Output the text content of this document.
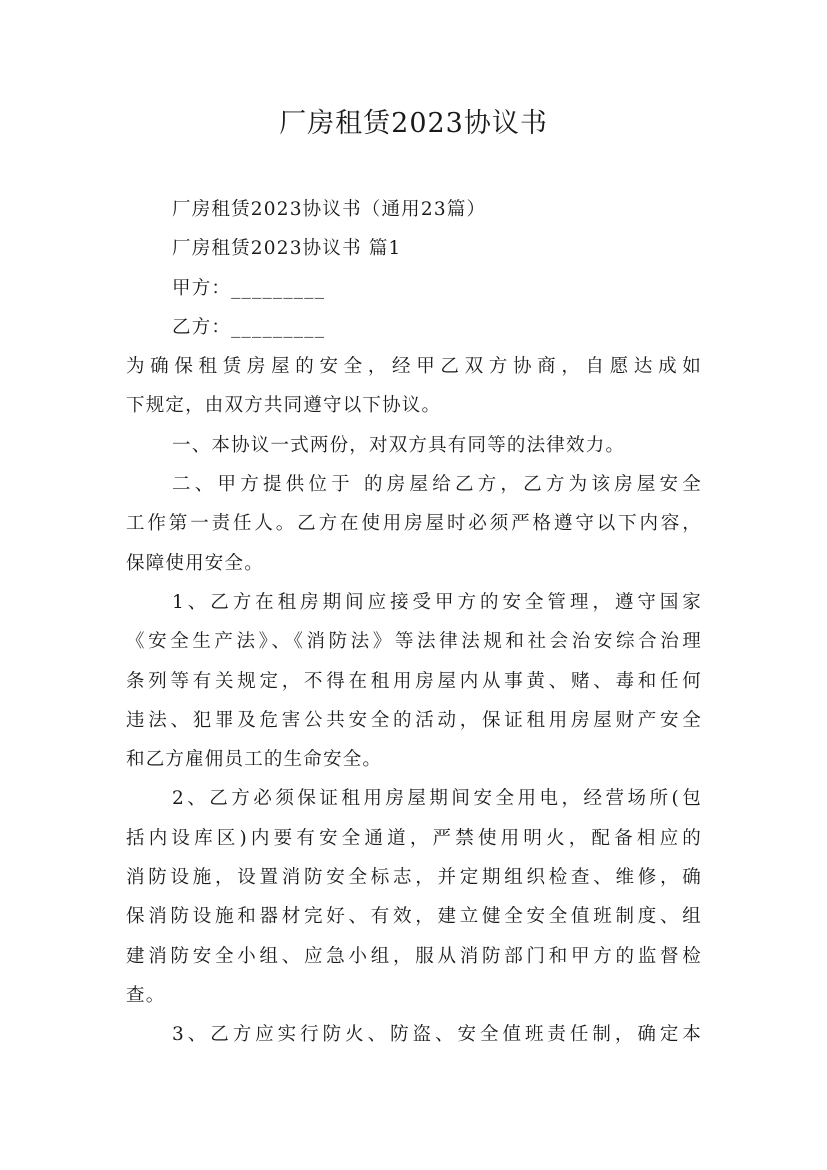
厂房租赁2023协议书
厂房租赁2023协议书（通用23篇）
厂房租赁2023协议书 篇1
甲方：_________
乙方：_________
为确保租赁房屋的安全，经甲乙双方协商，自愿达成如
下规定，由双方共同遵守以下协议。
一、本协议一式两份，对双方具有同等的法律效力。
二、甲方提供位于 的房屋给乙方，乙方为该房屋安全
工作第一责任人。乙方在使用房屋时必须严格遵守以下内容，
保障使用安全。
1、乙方在租房期间应接受甲方的安全管理，遵守国家
《安全生产法》、《消防法》等法律法规和社会治安综合治理
条列等有关规定，不得在租用房屋内从事黄、赌、毒和任何
违法、犯罪及危害公共安全的活动，保证租用房屋财产安全
和乙方雇佣员工的生命安全。
2、乙方必须保证租用房屋期间安全用电，经营场所(包
括内设库区)内要有安全通道，严禁使用明火，配备相应的
消防设施，设置消防安全标志，并定期组织检查、维修，确
保消防设施和器材完好、有效，建立健全安全值班制度、组
建消防安全小组、应急小组，服从消防部门和甲方的监督检
查。
3、乙方应实行防火、防盗、安全值班责任制，确定本
